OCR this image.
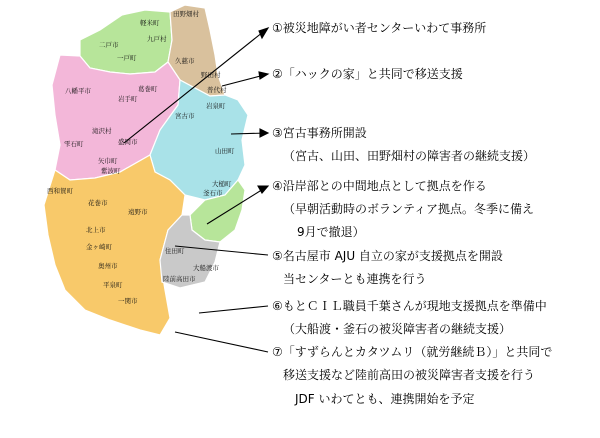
軽米町
九戸村
二戸市
一戸町
田野畑村
久慈市
野田村
普代村
岩泉町
八幡平市
岩手町
葛巻町
滝沢村
雫石町	盛岡市
宮古市
矢巾町
紫波町
山田町
大槌町
釜石市
西和賀町
花巻市
北上市
遠野市
金ヶ崎町
奥州市
住田町
大船渡市
陸前高田市
平泉町
一関市
①被災地障がい者センターいわて事務所
②「ハックの家」と共同で移送支援
③宮古事務所開設
（宮古、山田、田野畑村の障害者の継続支援）
④沿岸部との中間地点として拠点を作る
（早朝活動時のボランティア拠点。冬季に備え
9月で撤退）
⑤名古屋市 AJU 自立の家が支援拠点を開設
当センターとも連携を行う
⑥もとＣＩＬ職員千葉さんが現地支援拠点を準備中
（大船渡・釜石の被災障害者の継続支援）
⑦「すずらんとカタツムリ（就労継続Ｂ）」と共同で
移送支援など陸前高田の被災障害者支援を行う
JDF いわてとも、連携開始を予定
